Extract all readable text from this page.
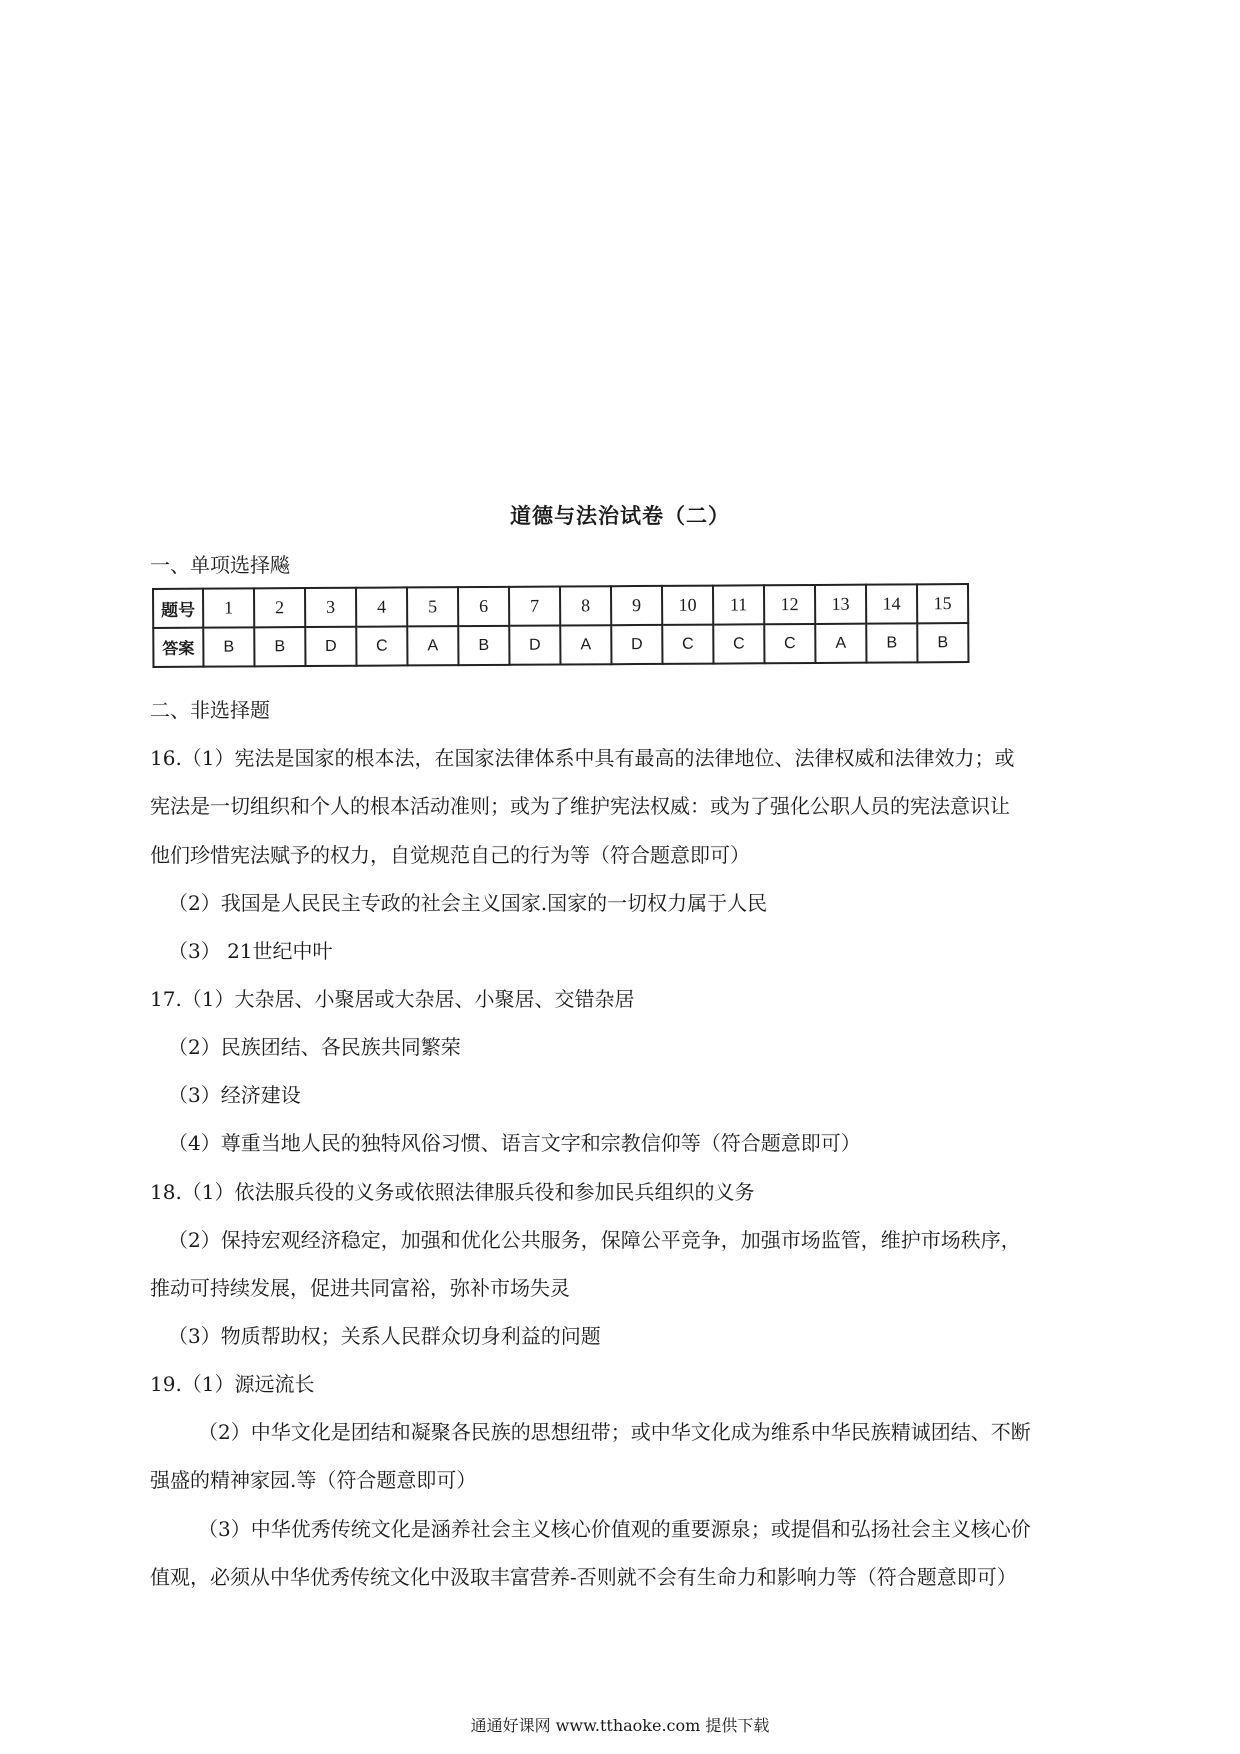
道德与法治试卷（二）
一、单项选择飚
题号	1	2	3	4	5	6	7	8	9	10	11	12	13	14	15
答案	B	B	D	C	A	B	D	A	D	C	C	C	A	B	B
二、非选择题
16.（1）宪法是国家的根本法，在国家法律体系中具有最高的法律地位、法律权威和法律效力；或
宪法是一切组织和个人的根本活动准则；或为了维护宪法权威：或为了强化公职人员的宪法意识让
他们珍惜宪法赋予的权力，自觉规范自己的行为等（符合题意即可）
（2）我国是人民民主专政的社会主义国家.国家的一切权力属于人民
（3） 21世纪中叶
17.（1）大杂居、小聚居或大杂居、小聚居、交错杂居
（2）民族团结、各民族共同繁荣
（3）经济建设
（4）尊重当地人民的独特风俗习惯、语言文字和宗教信仰等（符合题意即可）
18.（1）依法服兵役的义务或依照法律服兵役和参加民兵组织的义务
（2）保持宏观经济稳定，加强和优化公共服务，保障公平竞争，加强市场监管，维护市场秩序，
推动可持续发展，促进共同富裕，弥补市场失灵
（3）物质帮助权；关系人民群众切身利益的问题
19.（1）源远流长
（2）中华文化是团结和凝聚各民族的思想纽带；或中华文化成为维系中华民族精诚团结、不断
强盛的精神家园.等（符合题意即可）
（3）中华优秀传统文化是涵养社会主义核心价值观的重要源泉；或提倡和弘扬社会主义核心价
值观，必须从中华优秀传统文化中汲取丰富营养-否则就不会有生命力和影响力等（符合题意即可）
通通好课网 www.tthaoke.com 提供下载
